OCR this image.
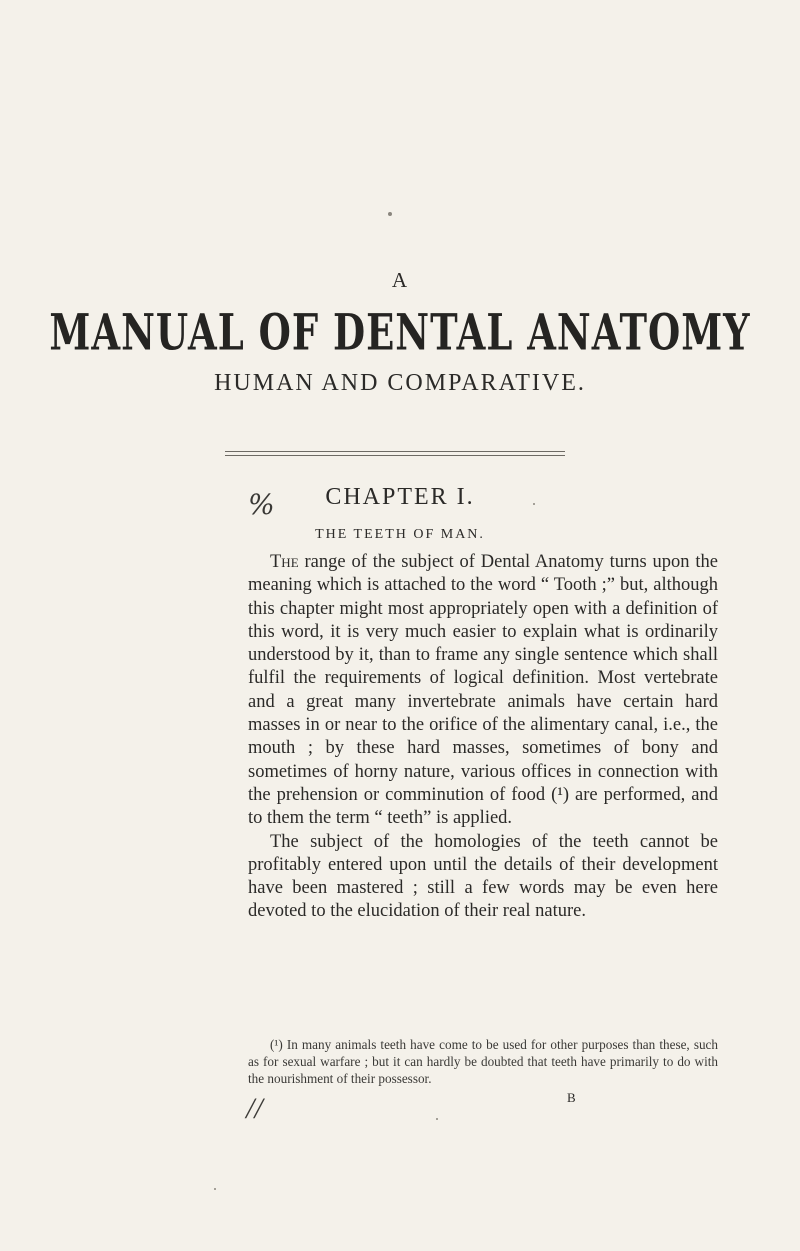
A
MANUAL OF DENTAL ANATOMY
HUMAN AND COMPARATIVE.
%	CHAPTER I.
THE TEETH OF MAN.

The range of the subject of Dental Anatomy turns upon the meaning which is attached to the word “ Tooth ;” but, although this chapter might most appropriately open with a definition of this word, it is very much easier to explain what is ordinarily understood by it, than to frame any single sentence which shall fulfil the requirements of logical definition. Most vertebrate and a great many invertebrate animals have certain hard masses in or near to the orifice of the alimentary canal, i.e., the mouth ; by these hard masses, sometimes of bony and sometimes of horny nature, various offices in connection with the prehension or comminution of food (¹) are performed, and to them the term “ teeth” is applied.

The subject of the homologies of the teeth cannot be profitably entered upon until the details of their development have been mastered ; still a few words may be even here devoted to the elucidation of their real nature.

(¹) In many animals teeth have come to be used for other purposes than these, such as for sexual warfare ; but it can hardly be doubted that teeth have primarily to do with the nourishment of their possessor.
B
//
